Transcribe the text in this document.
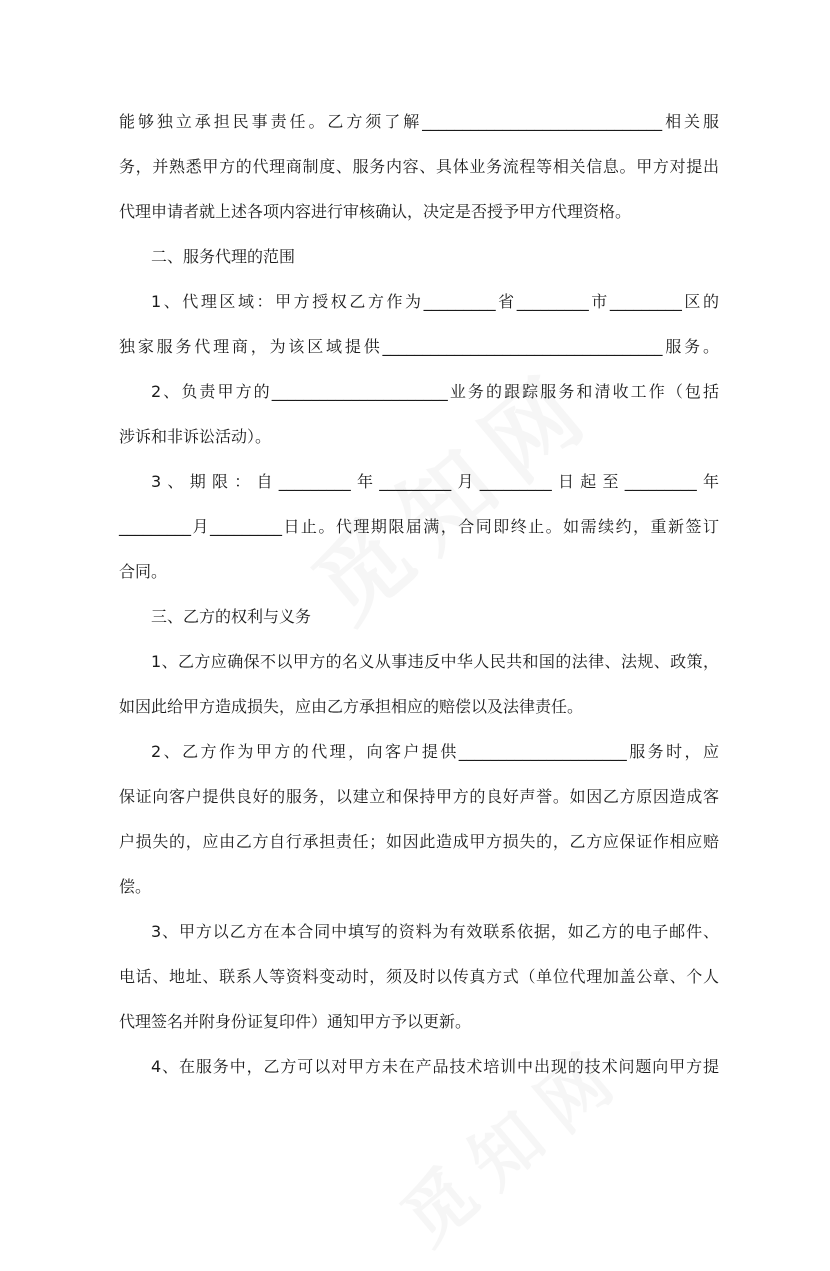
能够独立承担民事责任。乙方须了解______________________________相关服
务，并熟悉甲方的代理商制度、服务内容、具体业务流程等相关信息。甲方对提出
代理申请者就上述各项内容进行审核确认，决定是否授予甲方代理资格。
二、服务代理的范围
1、代理区域：甲方授权乙方作为_________省_________市_________区的
独家服务代理商，为该区域提供___________________________________服务。
2、负责甲方的______________________业务的跟踪服务和清收工作（包括
涉诉和非诉讼活动）。
3、期限：自_________年_________月_________日起至_________年
_________月_________日止。代理期限届满，合同即终止。如需续约，重新签订
合同。
三、乙方的权利与义务
1、乙方应确保不以甲方的名义从事违反中华人民共和国的法律、法规、政策，
如因此给甲方造成损失，应由乙方承担相应的赔偿以及法律责任。
2、乙方作为甲方的代理，向客户提供_____________________服务时，应
保证向客户提供良好的服务，以建立和保持甲方的良好声誉。如因乙方原因造成客
户损失的，应由乙方自行承担责任；如因此造成甲方损失的，乙方应保证作相应赔
偿。
3、甲方以乙方在本合同中填写的资料为有效联系依据，如乙方的电子邮件、
电话、地址、联系人等资料变动时，须及时以传真方式（单位代理加盖公章、个人
代理签名并附身份证复印件）通知甲方予以更新。
4、在服务中，乙方可以对甲方未在产品技术培训中出现的技术问题向甲方提
